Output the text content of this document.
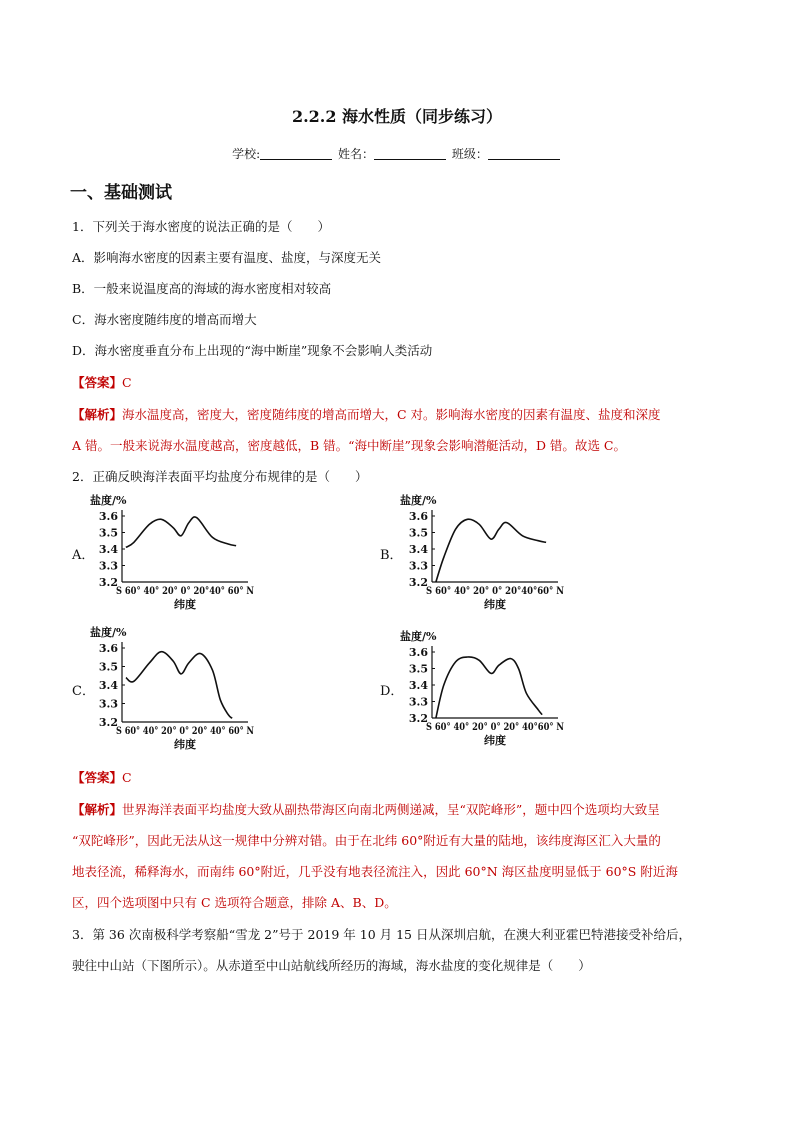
2.2.2 海水性质（同步练习）
学校:	姓名：	班级：
一、基础测试
1．下列关于海水密度的说法正确的是（　　）
A．影响海水密度的因素主要有温度、盐度，与深度无关
B．一般来说温度高的海域的海水密度相对较高
C．海水密度随纬度的增高而增大
D．海水密度垂直分布上出现的“海中断崖”现象不会影响人类活动
【答案】C
【解析】海水温度高，密度大，密度随纬度的增高而增大，C 对。影响海水密度的因素有温度、盐度和深度
A 错。一般来说海水温度越高，密度越低，B 错。“海中断崖”现象会影响潜艇活动，D 错。故选 C。
2．正确反映海洋表面平均盐度分布规律的是（　　）
A．	B．
C．	D．
盐度/%
3.6
3.5
3.4
3.3
3.2
S 60° 40° 20° 0° 20°40° 60° N
纬度
盐度/%
3.6
3.5
3.4
3.3
3.2
S 60° 40° 20° 0° 20°40°60° N
纬度
盐度/%
3.6
3.5
3.4
3.3
3.2
S 60° 40° 20° 0° 20° 40° 60° N
纬度
盐度/%
3.6
3.5
3.4
3.3
3.2
S 60° 40° 20° 0° 20° 40°60° N
纬度
【答案】C
【解析】世界海洋表面平均盐度大致从副热带海区向南北两侧递减，呈“双陀峰形”，题中四个选项均大致呈
“双陀峰形”，因此无法从这一规律中分辨对错。由于在北纬 60°附近有大量的陆地，该纬度海区汇入大量的
地表径流，稀释海水，而南纬 60°附近，几乎没有地表径流注入，因此 60°N 海区盐度明显低于 60°S 附近海
区，四个选项图中只有 C 选项符合题意，排除 A、B、D。
3．第 36 次南极科学考察船“雪龙 2”号于 2019 年 10 月 15 日从深圳启航，在澳大利亚霍巴特港接受补给后，
驶往中山站（下图所示）。从赤道至中山站航线所经历的海域，海水盐度的变化规律是（　　）
